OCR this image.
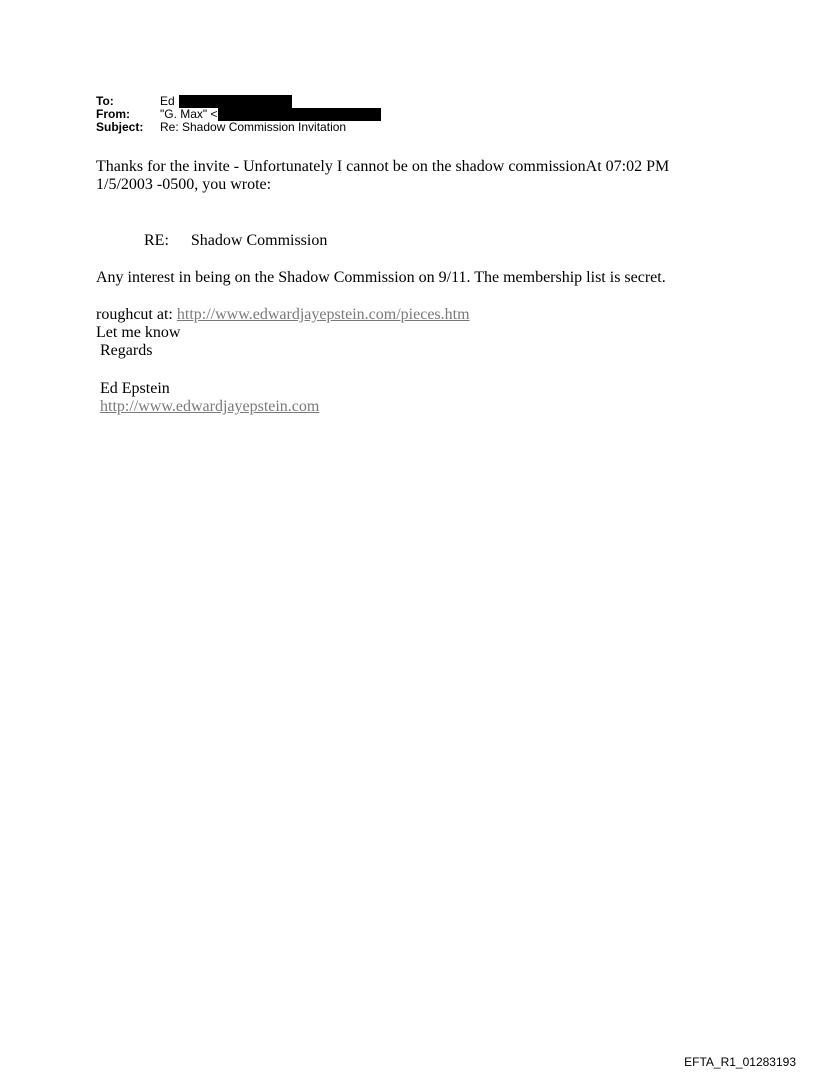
To:	Ed
From:	"G. Max" <
Subject:	Re: Shadow Commission Invitation
Thanks for the invite - Unfortunately I cannot be on the shadow commissionAt 07:02 PM
1/5/2003 -0500, you wrote:
RE: Shadow Commission
Any interest in being on the Shadow Commission on 9/11. The membership list is secret.
roughcut at: http://www.edwardjayepstein.com/pieces.htm
Let me know
Regards
Ed Epstein
http://www.edwardjayepstein.com
EFTA_R1_01283193
